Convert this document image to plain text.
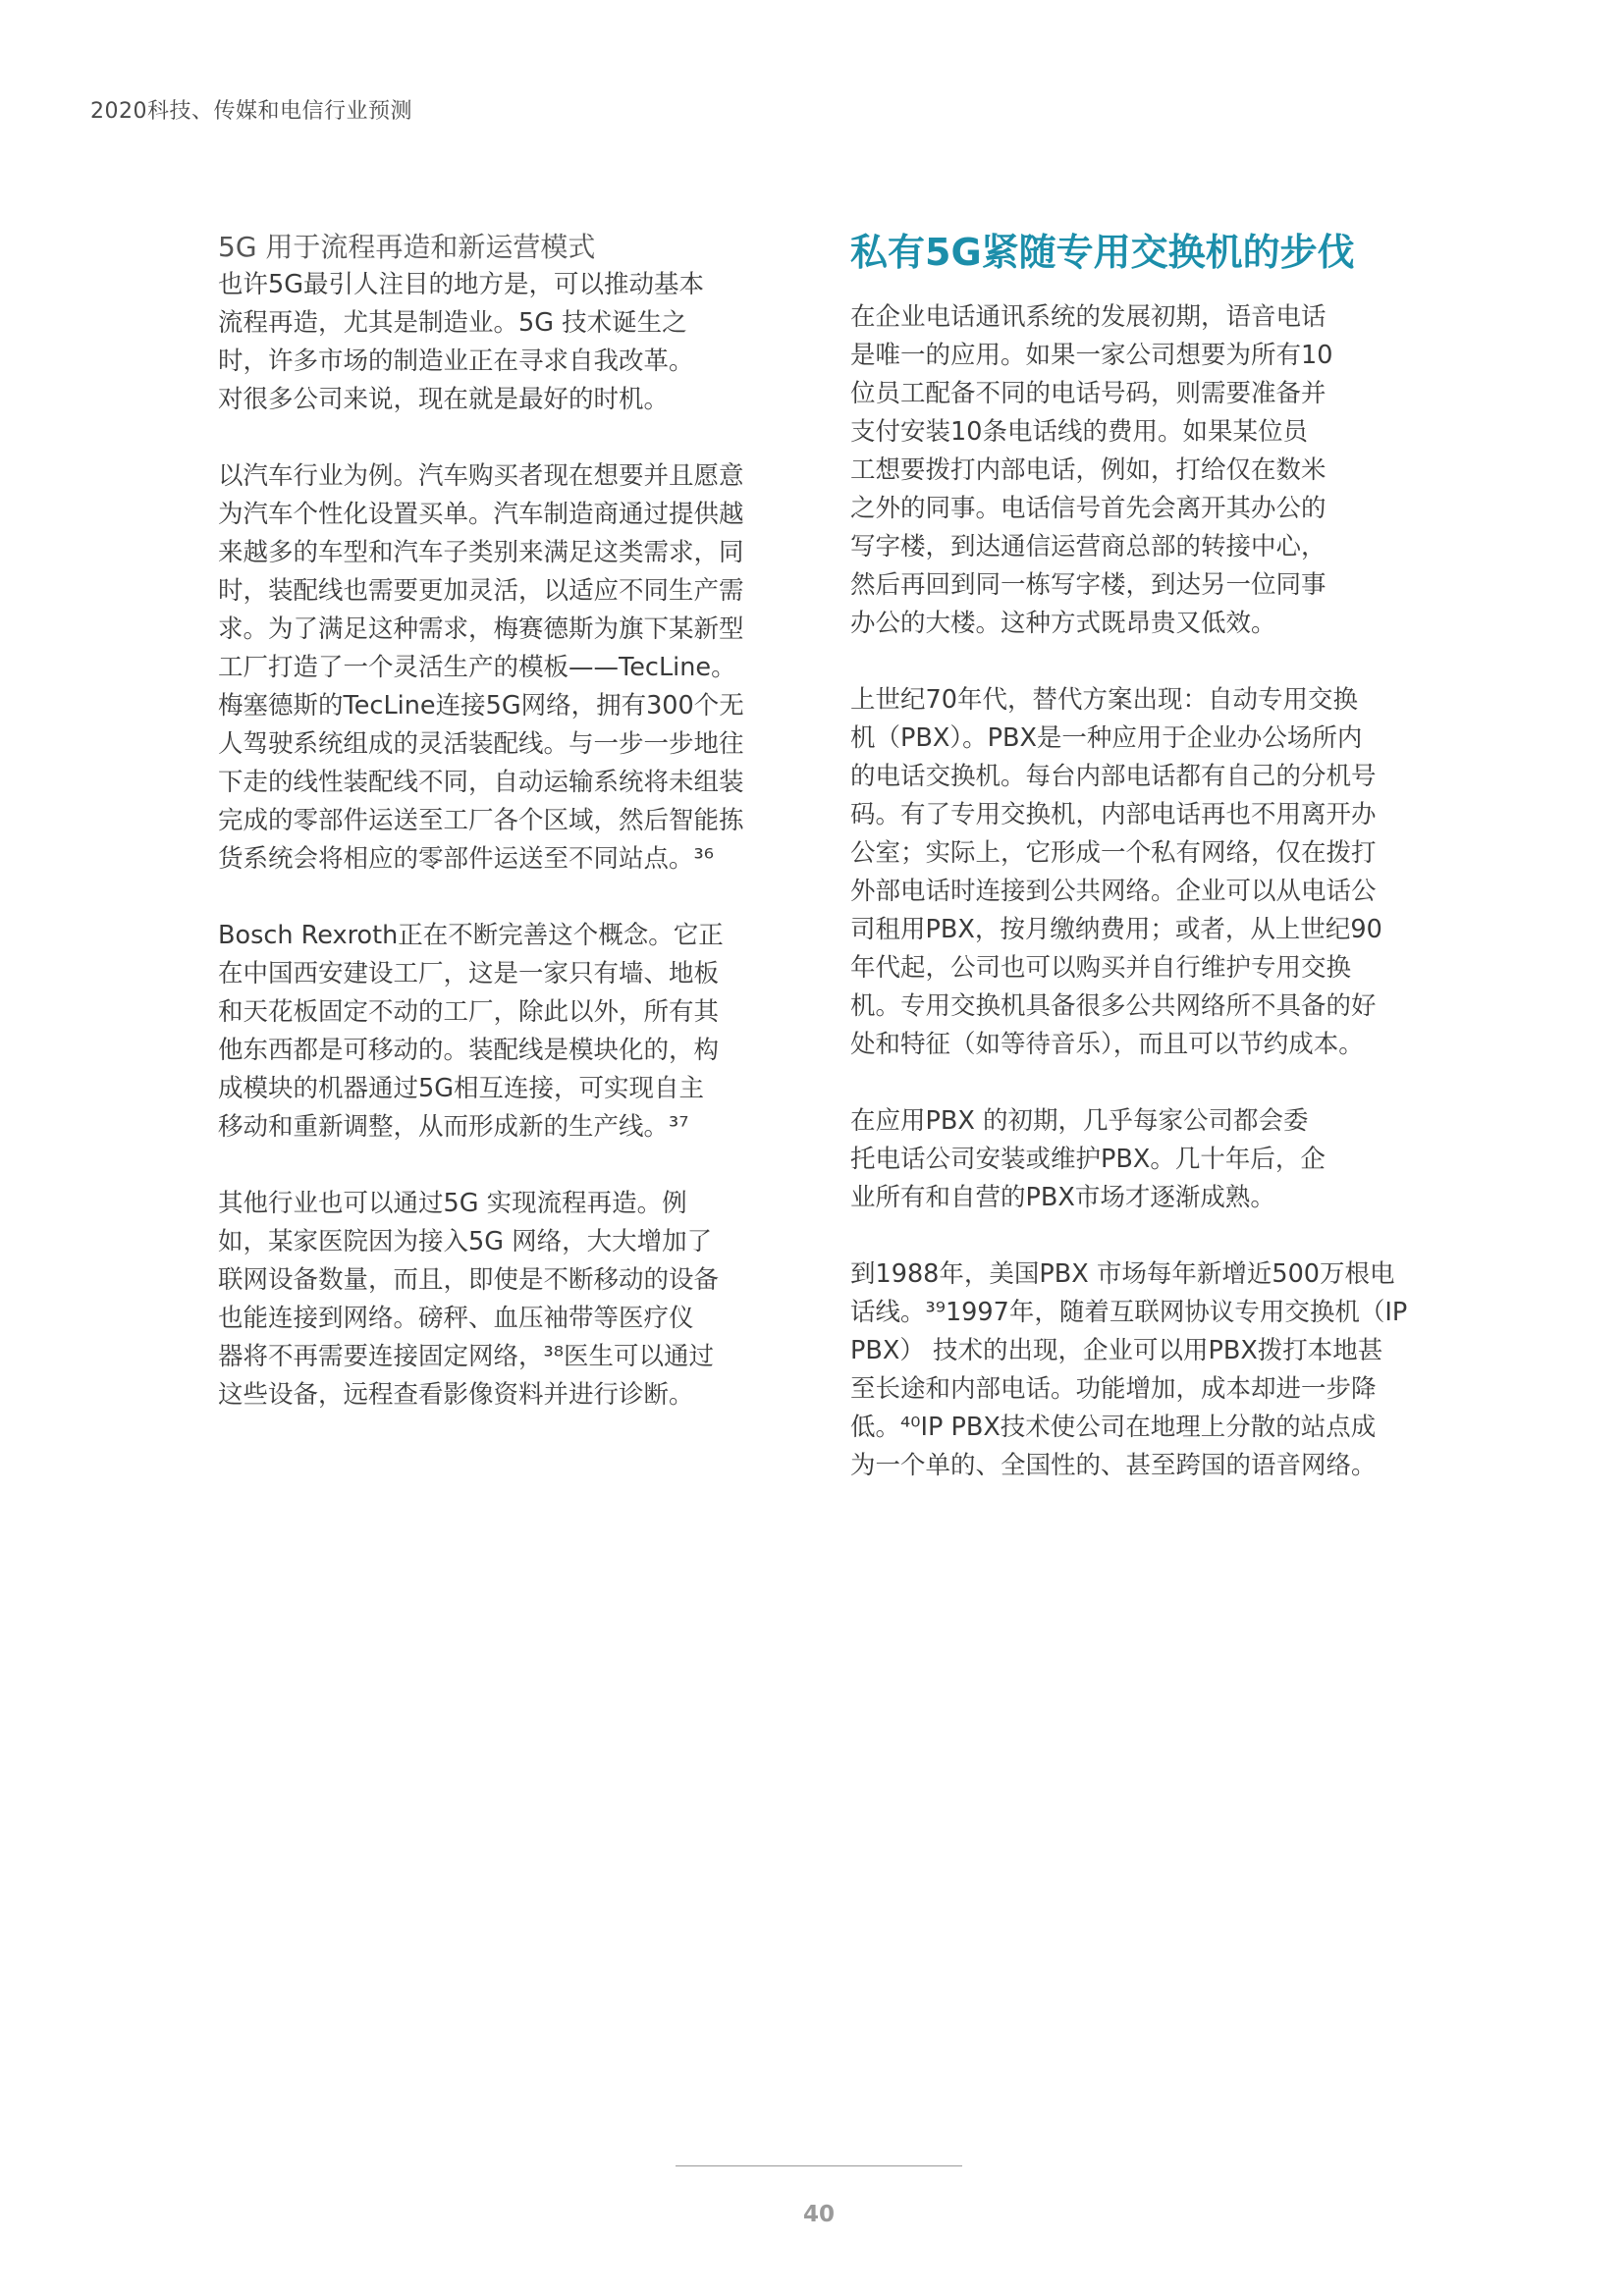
2020科技、传媒和电信行业预测
5G 用于流程再造和新运营模式

也许5G最引人注目的地方是，可以推动基本
流程再造，尤其是制造业。5G 技术诞生之
时，许多市场的制造业正在寻求自我改革。
对很多公司来说，现在就是最好的时机。

以汽车行业为例。汽车购买者现在想要并且愿意
为汽车个性化设置买单。汽车制造商通过提供越
来越多的车型和汽车子类别来满足这类需求，同
时，装配线也需要更加灵活，以适应不同生产需
求。为了满足这种需求，梅赛德斯为旗下某新型
工厂打造了一个灵活生产的模板——TecLine。
梅塞德斯的TecLine连接5G网络，拥有300个无
人驾驶系统组成的灵活装配线。与一步一步地往
下走的线性装配线不同，自动运输系统将未组装
完成的零部件运送至工厂各个区域，然后智能拣
货系统会将相应的零部件运送至不同站点。³⁶

Bosch Rexroth正在不断完善这个概念。它正
在中国西安建设工厂，这是一家只有墙、地板
和天花板固定不动的工厂，除此以外，所有其
他东西都是可移动的。装配线是模块化的，构
成模块的机器通过5G相互连接，可实现自主
移动和重新调整，从而形成新的生产线。³⁷

其他行业也可以通过5G 实现流程再造。例
如，某家医院因为接入5G 网络，大大增加了
联网设备数量，而且，即使是不断移动的设备
也能连接到网络。磅秤、血压袖带等医疗仪
器将不再需要连接固定网络，³⁸医生可以通过
这些设备，远程查看影像资料并进行诊断。

私有5G紧随专用交换机的步伐

在企业电话通讯系统的发展初期，语音电话
是唯一的应用。如果一家公司想要为所有10
位员工配备不同的电话号码，则需要准备并
支付安装10条电话线的费用。如果某位员
工想要拨打内部电话，例如，打给仅在数米
之外的同事。电话信号首先会离开其办公的
写字楼，到达通信运营商总部的转接中心，
然后再回到同一栋写字楼，到达另一位同事
办公的大楼。这种方式既昂贵又低效。

上世纪70年代，替代方案出现：自动专用交换
机（PBX）。PBX是一种应用于企业办公场所内
的电话交换机。每台内部电话都有自己的分机号
码。有了专用交换机，内部电话再也不用离开办
公室；实际上，它形成一个私有网络，仅在拨打
外部电话时连接到公共网络。企业可以从电话公
司租用PBX，按月缴纳费用；或者，从上世纪90
年代起，公司也可以购买并自行维护专用交换
机。专用交换机具备很多公共网络所不具备的好
处和特征（如等待音乐），而且可以节约成本。

在应用PBX 的初期，几乎每家公司都会委
托电话公司安装或维护PBX。几十年后，企
业所有和自营的PBX市场才逐渐成熟。

到1988年，美国PBX 市场每年新增近500万根电
话线。³⁹1997年，随着互联网协议专用交换机（IP
PBX） 技术的出现，企业可以用PBX拨打本地甚
至长途和内部电话。功能增加，成本却进一步降
低。⁴⁰IP PBX技术使公司在地理上分散的站点成
为一个单的、全国性的、甚至跨国的语音网络。

40
